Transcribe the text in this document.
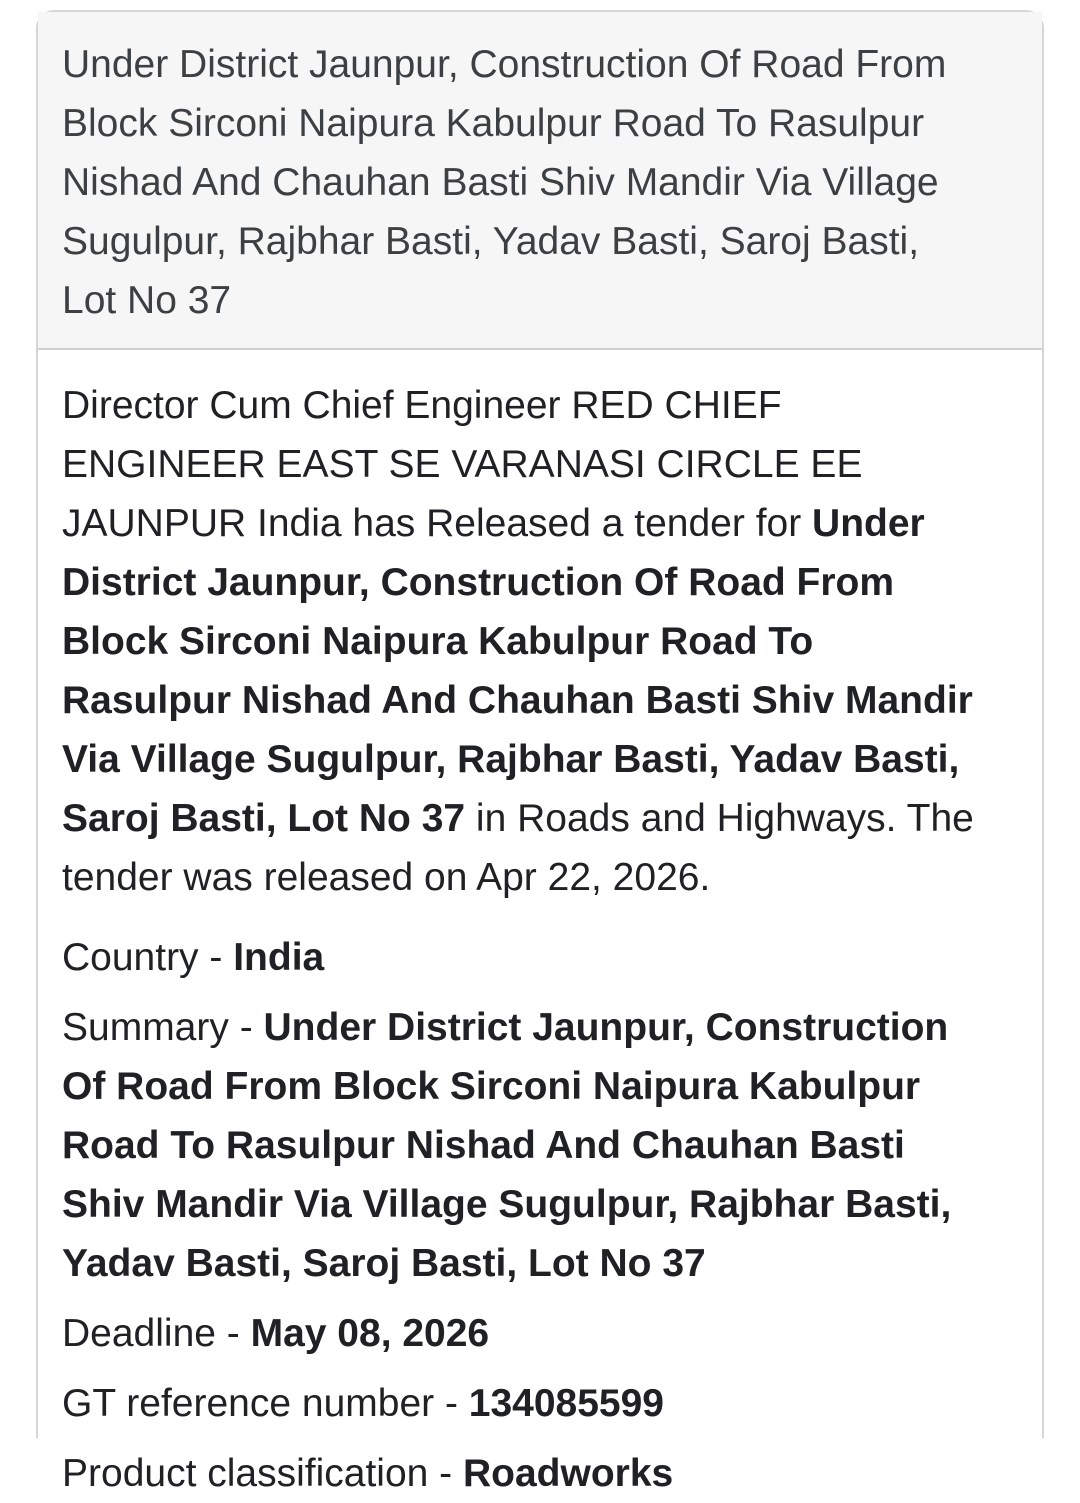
Under District Jaunpur, Construction Of Road From Block Sirconi Naipura Kabulpur Road To Rasulpur Nishad And Chauhan Basti Shiv Mandir Via Village Sugulpur, Rajbhar Basti, Yadav Basti, Saroj Basti, Lot No 37

Director Cum Chief Engineer RED CHIEF ENGINEER EAST SE VARANASI CIRCLE EE JAUNPUR India has Released a tender for Under District Jaunpur, Construction Of Road From Block Sirconi Naipura Kabulpur Road To Rasulpur Nishad And Chauhan Basti Shiv Mandir Via Village Sugulpur, Rajbhar Basti, Yadav Basti, Saroj Basti, Lot No 37 in Roads and Highways. The tender was released on Apr 22, 2026.

Country - India

Summary - Under District Jaunpur, Construction Of Road From Block Sirconi Naipura Kabulpur Road To Rasulpur Nishad And Chauhan Basti Shiv Mandir Via Village Sugulpur, Rajbhar Basti, Yadav Basti, Saroj Basti, Lot No 37

Deadline - May 08, 2026

GT reference number - 134085599

Product classification - Roadworks
